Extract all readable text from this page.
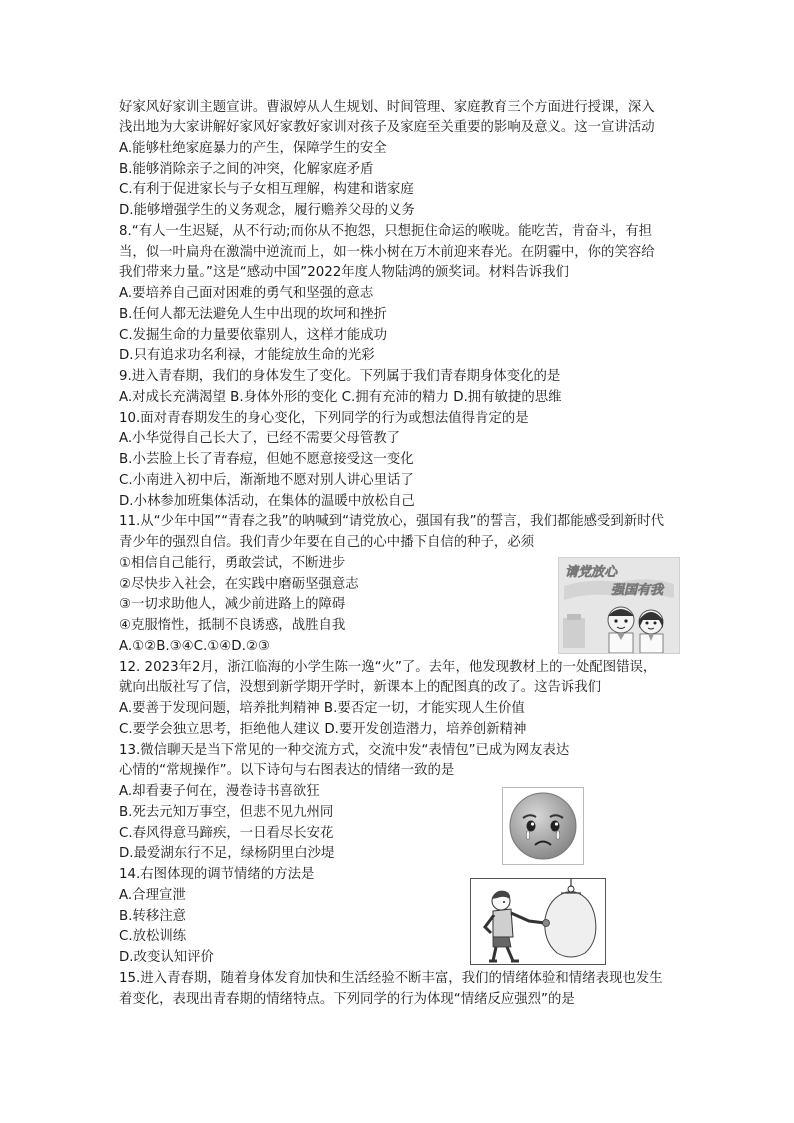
好家风好家训主题宣讲。曹淑婷从人生规划、时间管理、家庭教育三个方面进行授课，深入
浅出地为大家讲解好家风好家教好家训对孩子及家庭至关重要的影响及意义。这一宣讲活动
A.能够杜绝家庭暴力的产生，保障学生的安全
B.能够消除亲子之间的冲突，化解家庭矛盾
C.有利于促进家长与子女相互理解，构建和谐家庭
D.能够增强学生的义务观念，履行赡养父母的义务
8.“有人一生迟疑，从不行动;而你从不抱怨，只想扼住命运的喉咙。能吃苦，肯奋斗，有担
当，似一叶扁舟在激湍中逆流而上，如一株小树在万木前迎来春光。在阴霾中，你的笑容给
我们带来力量。”这是“感动中国”2022年度人物陆鸿的颁奖词。材料告诉我们
A.要培养自己面对困难的勇气和坚强的意志
B.任何人都无法避免人生中出现的坎坷和挫折
C.发掘生命的力量要依靠别人，这样才能成功
D.只有追求功名利禄，才能绽放生命的光彩
9.进入青春期，我们的身体发生了变化。下列属于我们青春期身体变化的是
A.对成长充满渴望 B.身体外形的变化 C.拥有充沛的精力 D.拥有敏捷的思维
10.面对青春期发生的身心变化，下列同学的行为或想法值得肯定的是
A.小华觉得自己长大了，已经不需要父母管教了
B.小芸脸上长了青春痘，但她不愿意接受这一变化
C.小南进入初中后，渐渐地不愿对别人讲心里话了
D.小林参加班集体活动，在集体的温暖中放松自己
11.从“少年中国”“青春之我”的呐喊到“请党放心，强国有我”的誓言，我们都能感受到新时代
青少年的强烈自信。我们青少年要在自己的心中播下自信的种子，必须
①相信自己能行，勇敢尝试，不断进步
②尽快步入社会，在实践中磨砺坚强意志
③一切求助他人，减少前进路上的障碍
④克服惰性，抵制不良诱惑，战胜自我
A.①②B.③④C.①④D.②③
请党放心
强国有我
12. 2023年2月，浙江临海的小学生陈一逸“火”了。去年，他发现教材上的一处配图错误，
就向出版社写了信，没想到新学期开学时，新课本上的配图真的改了。这告诉我们
A.要善于发现问题，培养批判精神 B.要否定一切，才能实现人生价值
C.要学会独立思考，拒绝他人建议 D.要开发创造潜力，培养创新精神
13.微信聊天是当下常见的一种交流方式，交流中发“表情包”已成为网友表达
心情的“常规操作”。以下诗句与右图表达的情绪一致的是
A.却看妻子何在，漫卷诗书喜欲狂
B.死去元知万事空，但悲不见九州同
C.春风得意马蹄疾，一日看尽长安花
D.最爱湖东行不足，绿杨阴里白沙堤
14.右图体现的调节情绪的方法是
A.合理宣泄
B.转移注意
C.放松训练
D.改变认知评价
15.进入青春期，随着身体发育加快和生活经验不断丰富，我们的情绪体验和情绪表现也发生
着变化，表现出青春期的情绪特点。下列同学的行为体现“情绪反应强烈”的是
